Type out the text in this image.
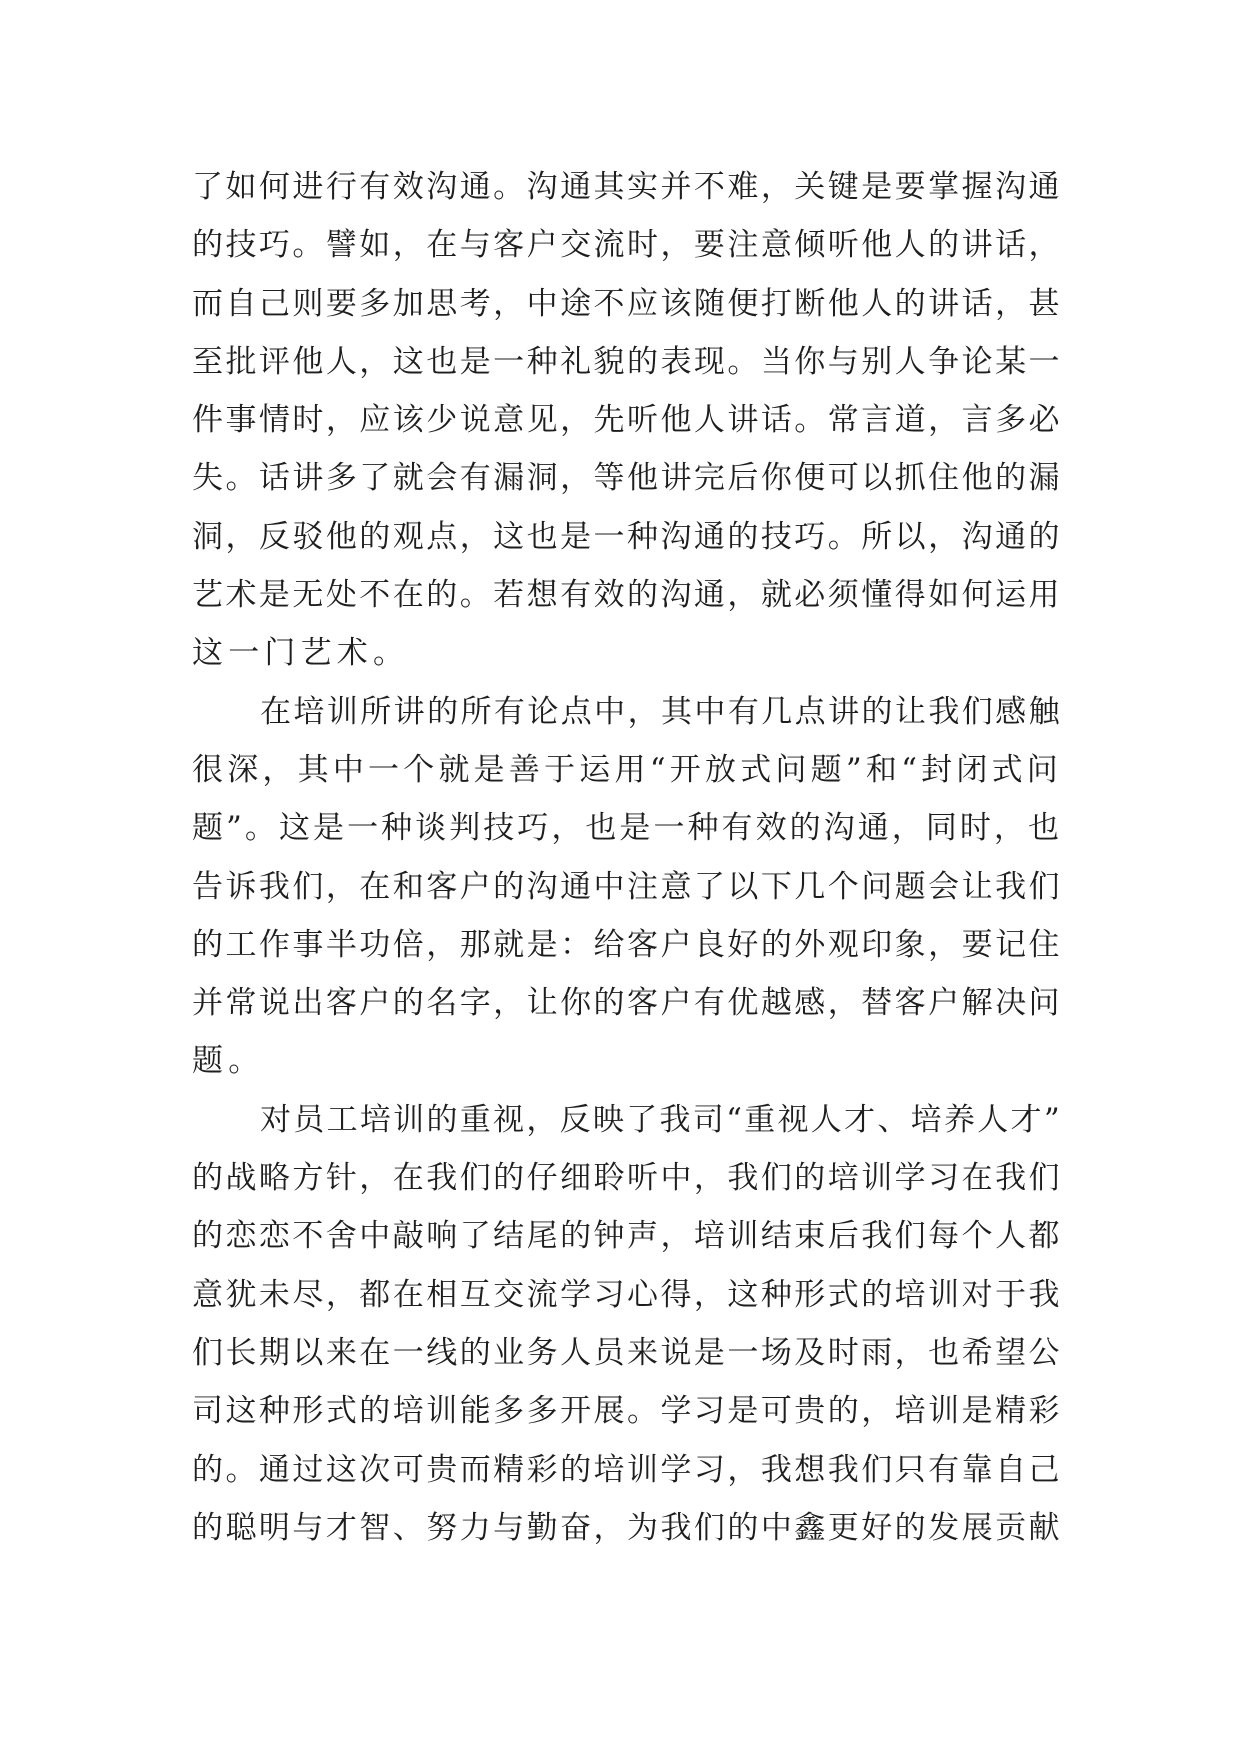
了如何进行有效沟通。沟通其实并不难，关键是要掌握沟通
的技巧。譬如，在与客户交流时，要注意倾听他人的讲话，
而自己则要多加思考，中途不应该随便打断他人的讲话，甚
至批评他人，这也是一种礼貌的表现。当你与别人争论某一
件事情时，应该少说意见，先听他人讲话。常言道，言多必
失。话讲多了就会有漏洞，等他讲完后你便可以抓住他的漏
洞，反驳他的观点，这也是一种沟通的技巧。所以，沟通的
艺术是无处不在的。若想有效的沟通，就必须懂得如何运用
这一门艺术。
在培训所讲的所有论点中，其中有几点讲的让我们感触
很深，其中一个就是善于运用“开放式问题”和“封闭式问
题”。这是一种谈判技巧，也是一种有效的沟通，同时，也
告诉我们，在和客户的沟通中注意了以下几个问题会让我们
的工作事半功倍，那就是：给客户良好的外观印象，要记住
并常说出客户的名字，让你的客户有优越感，替客户解决问
题。
对员工培训的重视，反映了我司“重视人才、培养人才”
的战略方针，在我们的仔细聆听中，我们的培训学习在我们
的恋恋不舍中敲响了结尾的钟声，培训结束后我们每个人都
意犹未尽，都在相互交流学习心得，这种形式的培训对于我
们长期以来在一线的业务人员来说是一场及时雨，也希望公
司这种形式的培训能多多开展。学习是可贵的，培训是精彩
的。通过这次可贵而精彩的培训学习，我想我们只有靠自己
的聪明与才智、努力与勤奋，为我们的中鑫更好的发展贡献
